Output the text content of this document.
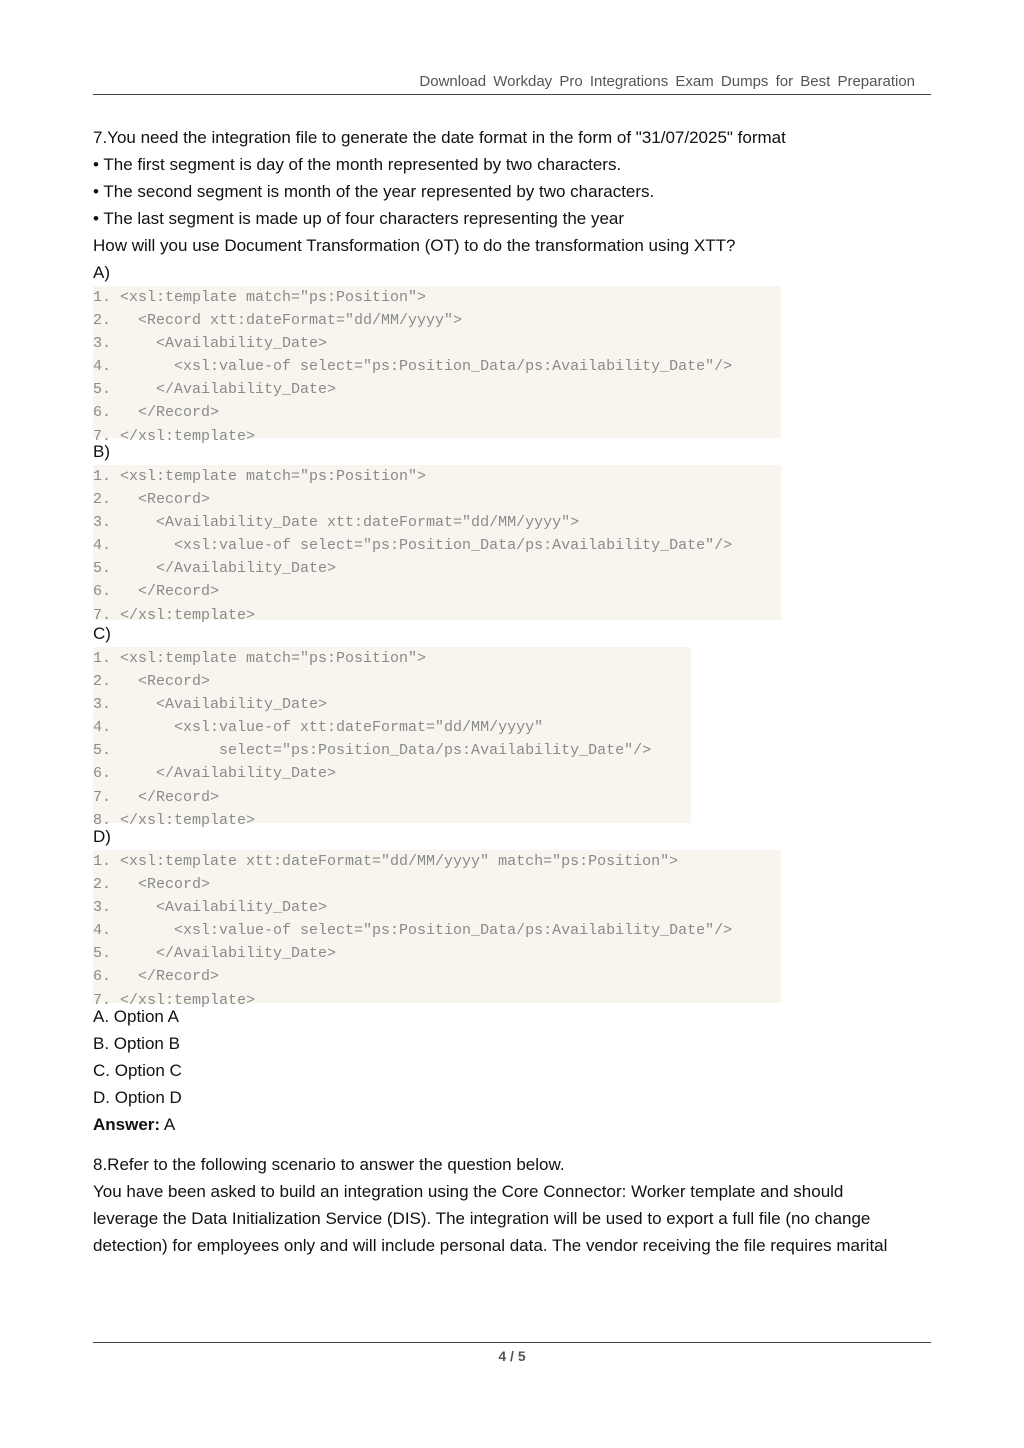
Download Workday Pro Integrations Exam Dumps for Best Preparation
7.You need the integration file to generate the date format in the form of "31/07/2025" format
• The first segment is day of the month represented by two characters.
• The second segment is month of the year represented by two characters.
• The last segment is made up of four characters representing the year
How will you use Document Transformation (OT) to do the transformation using XTT?
A)
1. <xsl:template match="ps:Position">
2.   <Record xtt:dateFormat="dd/MM/yyyy">
3.     <Availability_Date>
4.       <xsl:value-of select="ps:Position_Data/ps:Availability_Date"/>
5.     </Availability_Date>
6.   </Record>
7. </xsl:template>
B)
1. <xsl:template match="ps:Position">
2.   <Record>
3.     <Availability_Date xtt:dateFormat="dd/MM/yyyy">
4.       <xsl:value-of select="ps:Position_Data/ps:Availability_Date"/>
5.     </Availability_Date>
6.   </Record>
7. </xsl:template>
C)
1. <xsl:template match="ps:Position">
2.   <Record>
3.     <Availability_Date>
4.       <xsl:value-of xtt:dateFormat="dd/MM/yyyy"
5.            select="ps:Position_Data/ps:Availability_Date"/>
6.     </Availability_Date>
7.   </Record>
8. </xsl:template>
D)
1. <xsl:template xtt:dateFormat="dd/MM/yyyy" match="ps:Position">
2.   <Record>
3.     <Availability_Date>
4.       <xsl:value-of select="ps:Position_Data/ps:Availability_Date"/>
5.     </Availability_Date>
6.   </Record>
7. </xsl:template>
A. Option A
B. Option B
C. Option C
D. Option D
Answer: A
8.Refer to the following scenario to answer the question below.
You have been asked to build an integration using the Core Connector: Worker template and should
leverage the Data Initialization Service (DIS). The integration will be used to export a full file (no change
detection) for employees only and will include personal data. The vendor receiving the file requires marital
4 / 5
